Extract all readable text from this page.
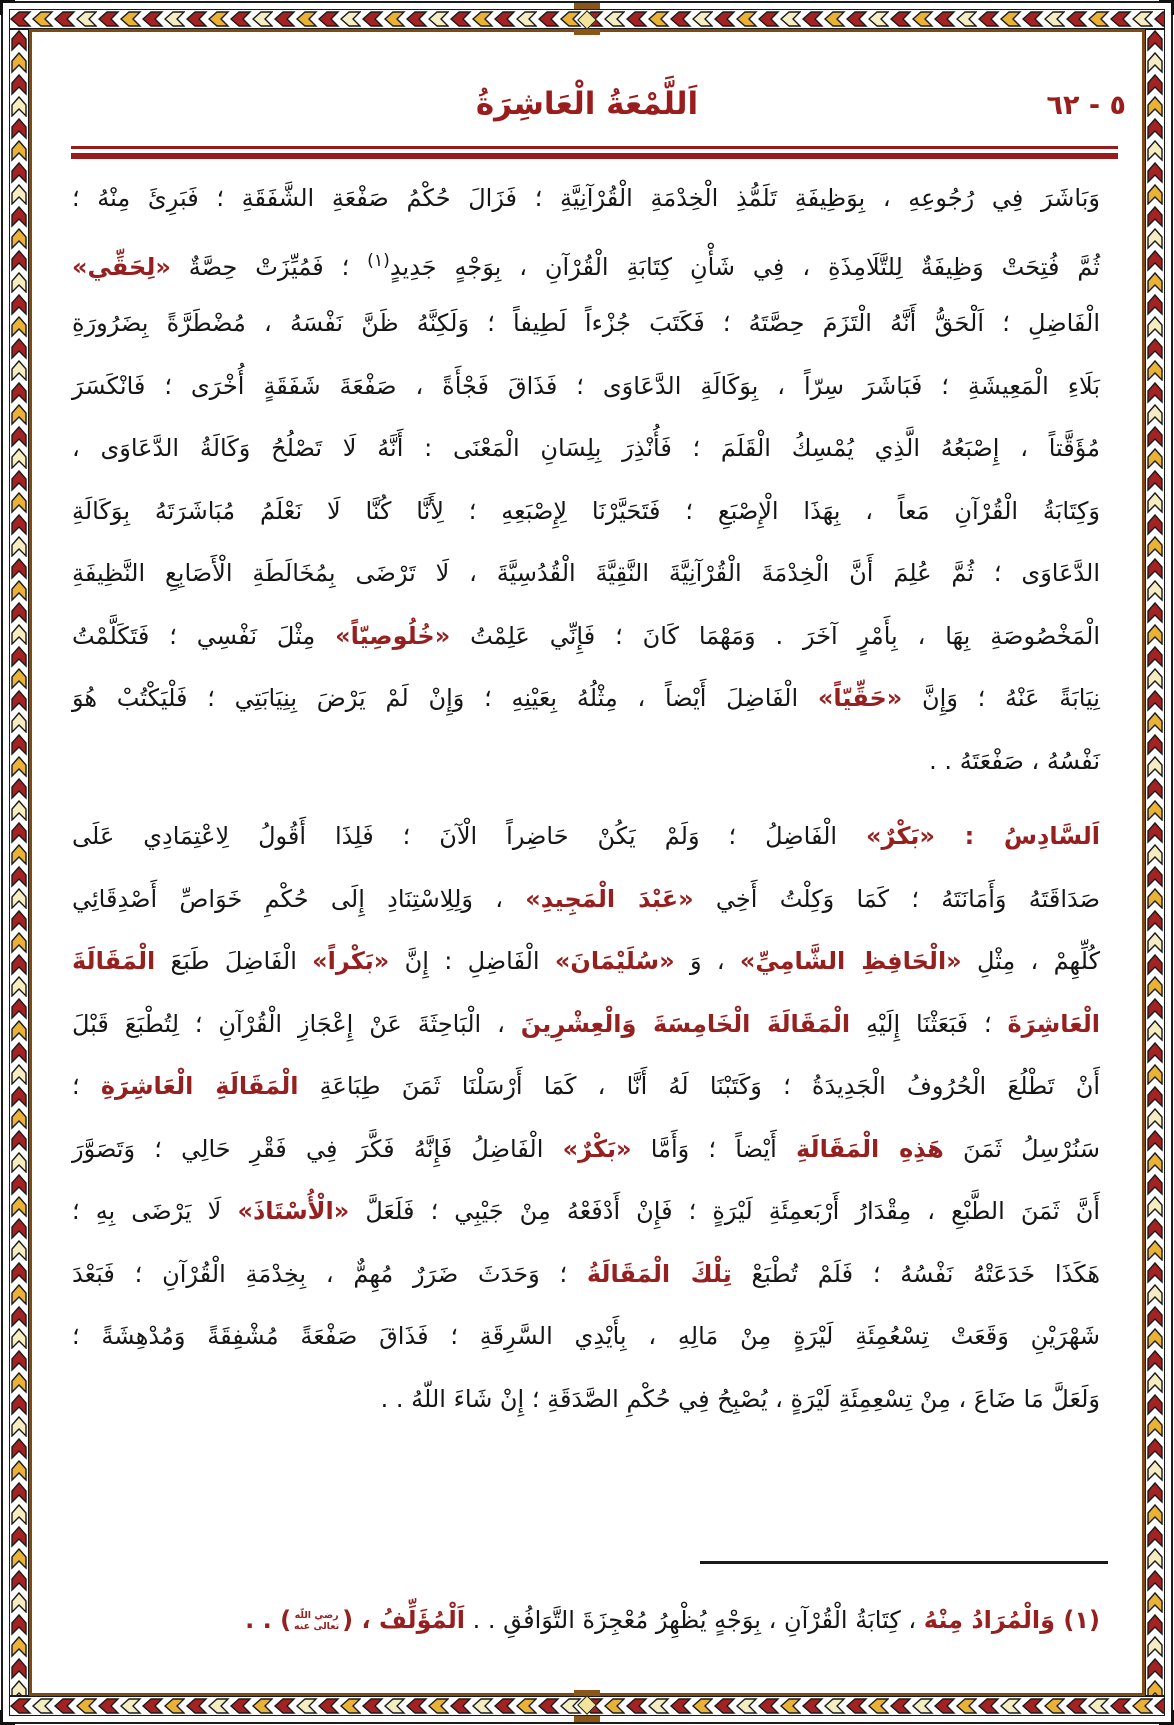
٥ - ٦٢
اَللَّمْعَةُ الْعَاشِرَةُ
وَبَاشَرَ فِي رُجُوعِهِ ، بِوَظِيفَةِ تَلَمُّذِ الْخِدْمَةِ الْقُرْآنِيَّةِ ؛ فَزَالَ حُكْمُ صَفْعَةِ الشَّفَقَةِ ؛ فَبَرِئَ مِنْهُ ؛
ثُمَّ فُتِحَتْ وَظِيفَةٌ لِلتَّلَامِذَةِ ، فِي شَأْنِ كِتَابَةِ الْقُرْآنِ ، بِوَجْهٍ جَدِيدٍ$^{(١)}$ ؛ فَمُيِّزَتْ حِصَّةٌ «لِحَقِّي»
الْفَاضِلِ ؛ اَلْحَقُّ أَنَّهُ الْتَزَمَ حِصَّتَهُ ؛ فَكَتَبَ جُزْءاً لَطِيفاً ؛ وَلَكِنَّهُ ظَنَّ نَفْسَهُ ، مُضْطَرَّةً بِضَرُورَةِ
بَلَاءِ الْمَعِيشَةِ ؛ فَبَاشَرَ سِرّاً ، بِوَكَالَةِ الدَّعَاوَى ؛ فَذَاقَ فَجْأَةً ، صَفْعَةَ شَفَقَةٍ أُخْرَى ؛ فَانْكَسَرَ
مُؤَقَّتاً ، إِصْبَعُهُ الَّذِي يُمْسِكُ الْقَلَمَ ؛ فَأُنْذِرَ بِلِسَانِ الْمَعْنَى : أَنَّهُ لَا تَصْلُحُ وَكَالَةُ الدَّعَاوَى ،
وَكِتَابَةُ الْقُرْآنِ مَعاً ، بِهَذَا الْإِصْبَعِ ؛ فَتَحَيَّرْنَا لِإِصْبَعِهِ ؛ لِأَنَّا كُنَّا لَا نَعْلَمُ مُبَاشَرَتَهُ بِوَكَالَةِ
الدَّعَاوَى ؛ ثُمَّ عُلِمَ أَنَّ الْخِدْمَةَ الْقُرْآنِيَّةَ النَّقِيَّةَ الْقُدُسِيَّةَ ، لَا تَرْضَى بِمُخَالَطَةِ الْأَصَابِعِ النَّظِيفَةِ
الْمَخْصُوصَةِ بِهَا ، بِأَمْرٍ آخَرَ . وَمَهْمَا كَانَ ؛ فَإِنِّي عَلِمْتُ «خُلُوصِيّاً» مِثْلَ نَفْسِي ؛ فَتَكَلَّمْتُ
نِيَابَةً عَنْهُ ؛ وَإِنَّ «حَقِّيّاً» الْفَاضِلَ أَيْضاً ، مِثْلُهُ بِعَيْنِهِ ؛ وَإِنْ لَمْ يَرْضَ بِنِيَابَتِي ؛ فَلْيَكْتُبْ هُوَ
نَفْسُهُ ، صَفْعَتَهُ . .
اَلسَّادِسُ : «بَكْرٌ» الْفَاضِلُ ؛ وَلَمْ يَكُنْ حَاضِراً الْآنَ ؛ فَلِذَا أَقُولُ لِاعْتِمَادِي عَلَى
صَدَاقَتَهُ وَأَمَانَتَهُ ؛ كَمَا وَكِلْتُ أَخِي «عَبْدَ الْمَجِيدِ» ، وَلِلِاسْتِنَادِ إِلَى حُكْمِ خَوَاصِّ أَصْدِقَائِي
كُلِّهِمْ ، مِثْلِ «الْحَافِظِ الشَّامِيِّ» ، وَ «سُلَيْمَانَ» الْفَاضِلِ : إِنَّ «بَكْراً» الْفَاضِلَ طَبَعَ الْمَقَالَةَ
الْعَاشِرَةَ ؛ فَبَعَثْنَا إِلَيْهِ الْمَقَالَةَ الْخَامِسَةَ وَالْعِشْرِينَ ، الْبَاحِثَةَ عَنْ إِعْجَازِ الْقُرْآنِ ؛ لِتُطْبَعَ قَبْلَ
أَنْ تَطْلُعَ الْحُرُوفُ الْجَدِيدَةُ ؛ وَكَتَبْنَا لَهُ أَنَّا ، كَمَا أَرْسَلْنَا ثَمَنَ طِبَاعَةِ الْمَقَالَةِ الْعَاشِرَةِ ؛
سَنُرْسِلُ ثَمَنَ هَذِهِ الْمَقَالَةِ أَيْضاً ؛ وَأَمَّا «بَكْرٌ» الْفَاضِلُ فَإِنَّهُ فَكَّرَ فِي فَقْرِ حَالِي ؛ وَتَصَوَّرَ
أَنَّ ثَمَنَ الطَّبْعِ ، مِقْدَارُ أَرْبَعمِئَةِ لَيْرَةٍ ؛ فَإِنْ أَدْفَعْهُ مِنْ جَيْبِي ؛ فَلَعَلَّ «الْأُسْتَاذَ» لَا يَرْضَى بِهِ ؛
هَكَذَا خَدَعَتْهُ نَفْسُهُ ؛ فَلَمْ تُطْبَعْ تِلْكَ الْمَقَالَةُ ؛ وَحَدَثَ ضَرَرٌ مُهِمٌّ ، بِخِدْمَةِ الْقُرْآنِ ؛ فَبَعْدَ
شَهْرَيْنِ وَقَعَتْ تِسْعُمِئَةِ لَيْرَةٍ مِنْ مَالِهِ ، بِأَيْدِي السَّرِقَةِ ؛ فَذَاقَ صَفْعَةً مُشْفِقَةً وَمُدْهِشَةً ؛
وَلَعَلَّ مَا ضَاعَ ، مِنْ تِسْعِمِئَةِ لَيْرَةٍ ، يُصْبِحُ فِي حُكْمِ الصَّدَقَةِ ؛ إِنْ شَاءَ اللّهُ . .
(١) وَالْمُرَادُ مِنْهُ ، كِتَابَةُ الْقُرْآنِ ، بِوَجْهٍ يُظْهِرُ مُعْجِزَةَ التَّوَافُقِ . . اَلْمُؤَلِّفُ ، (
رضي اللّه
تعالى عنه
) . .
